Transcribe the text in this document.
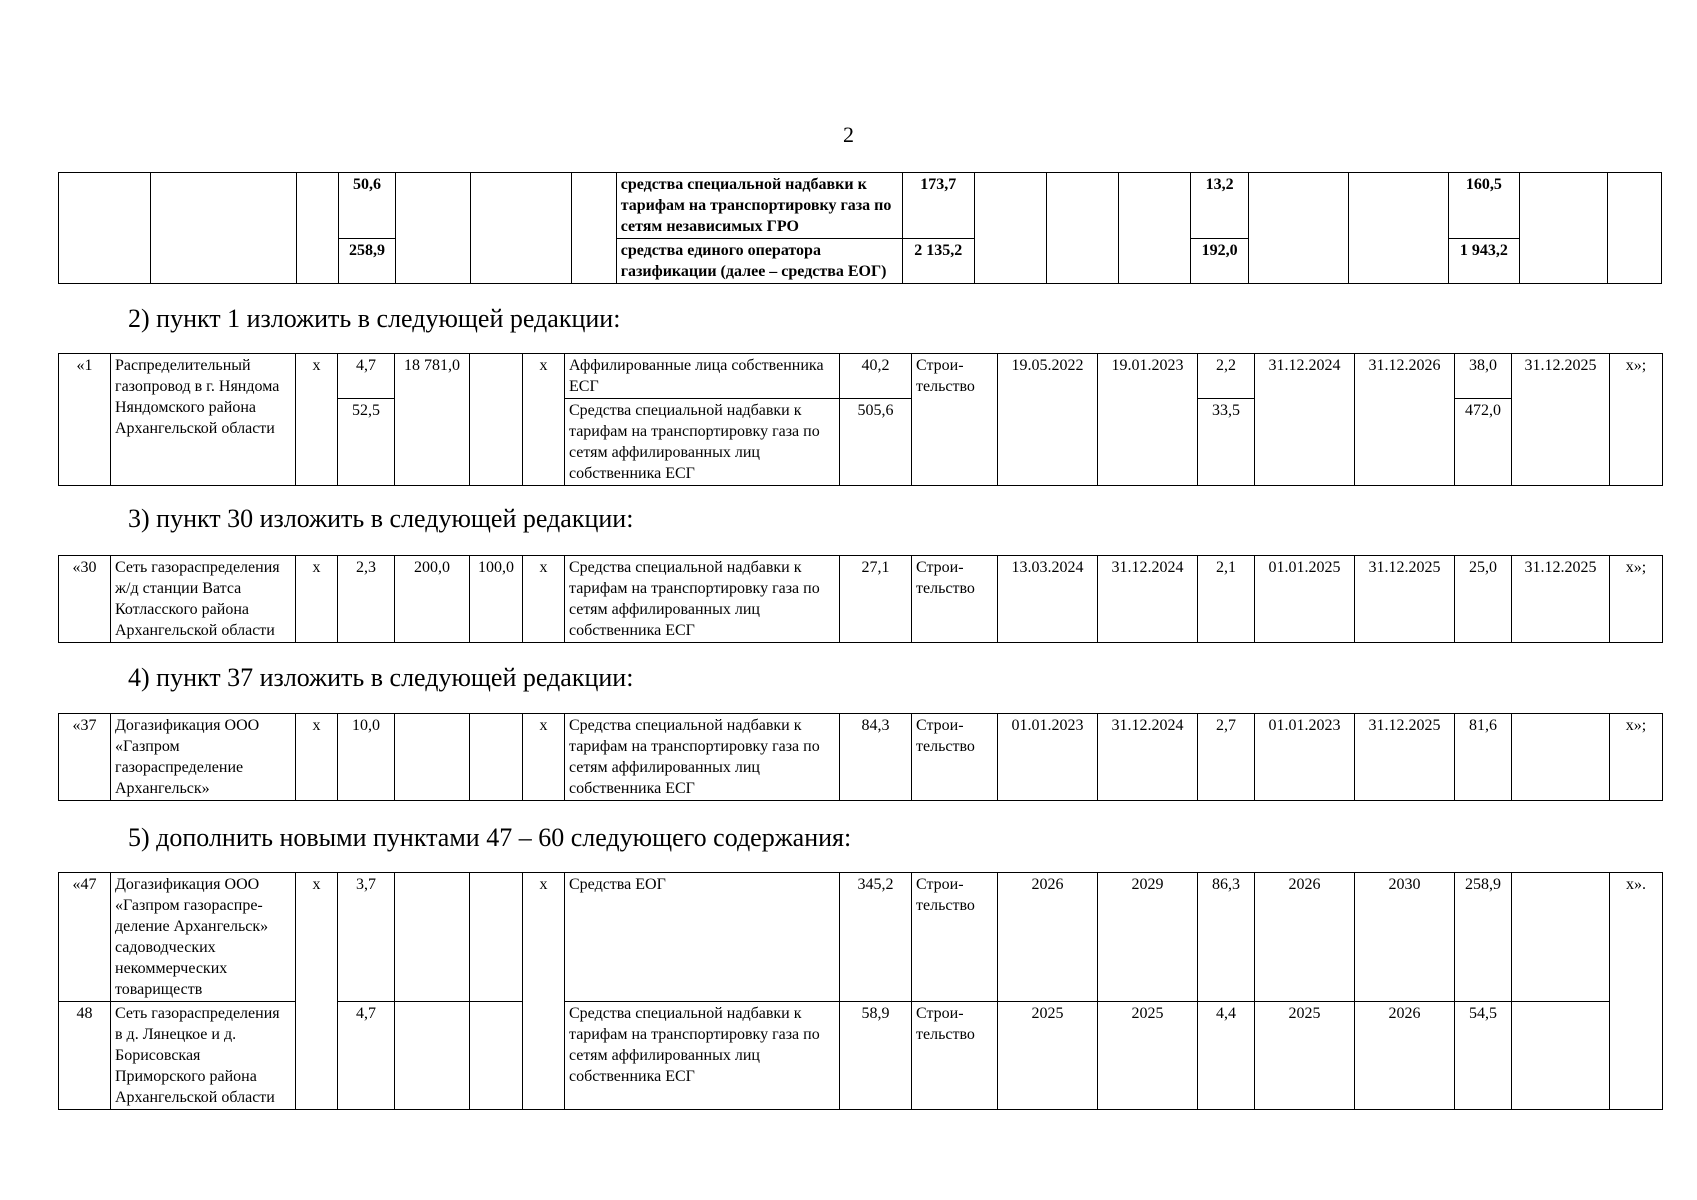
2
			50,6				средства специальной надбавки к тарифам на транспортировку газа по сетям независимых ГРО	173,7				13,2			160,5		
			258,9				средства единого оператора газификации (далее – средства ЕОГ)	2 135,2				192,0			1 943,2		
2) пункт 1 изложить в следующей редакции:
«1	Распределительный газопровод в г. Няндома Няндомского района Архангельской области	х	4,7	18 781,0		х	Аффилированные лица собственника ЕСГ	40,2	Строи-тельство	19.05.2022	19.01.2023	2,2	31.12.2024	31.12.2026	38,0	31.12.2025	х»;
			52,5				Средства специальной надбавки к тарифам на транспортировку газа по сетям аффилированных лиц собственника ЕСГ	505,6				33,5			472,0		
3) пункт 30 изложить в следующей редакции:
«30	Сеть газораспределения ж/д станции Ватса Котласского района Архангельской области	х	2,3	200,0	100,0	х	Средства специальной надбавки к тарифам на транспортировку газа по сетям аффилированных лиц собственника ЕСГ	27,1	Строи-тельство	13.03.2024	31.12.2024	2,1	01.01.2025	31.12.2025	25,0	31.12.2025	х»;
4) пункт 37 изложить в следующей редакции:
«37	Догазификация ООО «Газпром газораспределение Архангельск»	х	10,0			х	Средства специальной надбавки к тарифам на транспортировку газа по сетям аффилированных лиц собственника ЕСГ	84,3	Строи-тельство	01.01.2023	31.12.2024	2,7	01.01.2023	31.12.2025	81,6		х»;
5) дополнить новыми пунктами 47 – 60 следующего содержания:
«47	Догазификация ООО «Газпром газораспре-деление Архангельск» садоводческих некоммерческих товариществ	х	3,7			х	Средства ЕОГ	345,2	Строи-тельство	2026	2029	86,3	2026	2030	258,9		х».
48	Сеть газораспределения в д. Лянецкое и д. Борисовская Приморского района Архангельской области		4,7				Средства специальной надбавки к тарифам на транспортировку газа по сетям аффилированных лиц собственника ЕСГ	58,9	Строи-тельство	2025	2025	4,4	2025	2026	54,5		
